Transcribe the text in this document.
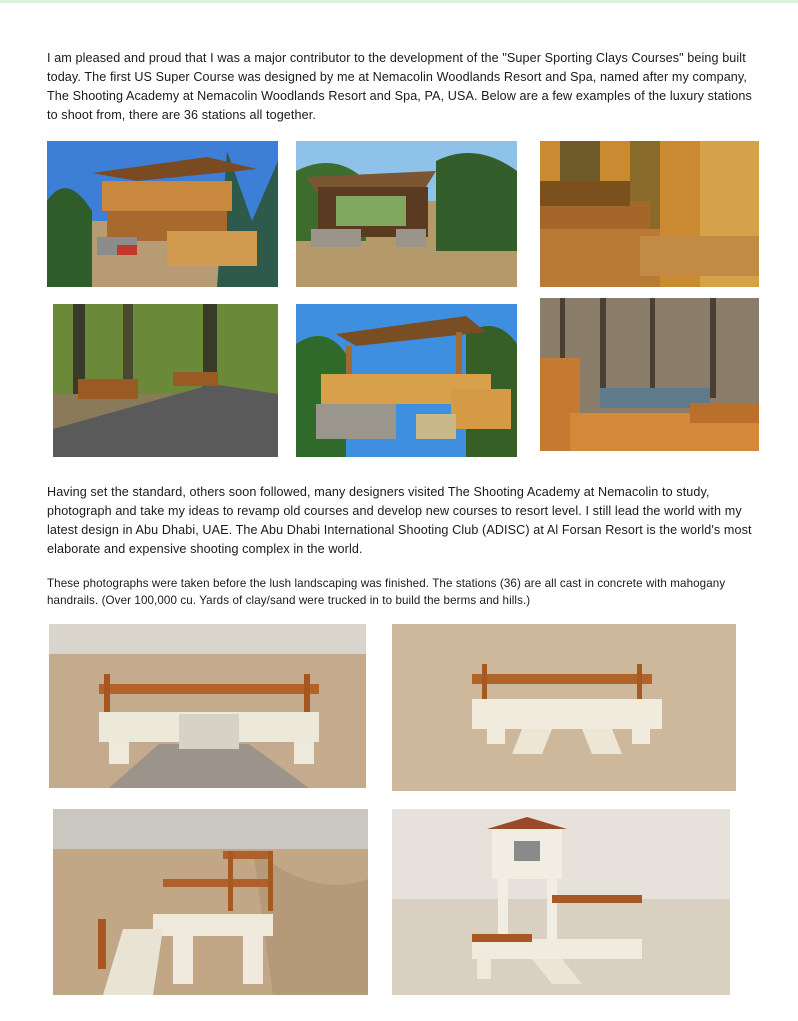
I am pleased and proud that I was a major contributor to the development of the "Super Sporting Clays Courses" being built today. The first US Super Course was designed by me at Nemacolin Woodlands Resort and Spa, named after my company, The Shooting Academy at Nemacolin Woodlands Resort and Spa, PA, USA. Below are a few examples of the luxury stations to shoot from, there are 36 stations all together.

Having set the standard, others soon followed, many designers visited The Shooting Academy at Nemacolin to study, photograph and take my ideas to revamp old courses and develop new courses to resort level. I still lead the world with my latest design in Abu Dhabi, UAE. The Abu Dhabi International Shooting Club (ADISC) at Al Forsan Resort is the world's most elaborate and expensive shooting complex in the world.

These photographs were taken before the lush landscaping was finished. The stations (36) are all cast in concrete with mahogany handrails. (Over 100,000 cu. Yards of clay/sand were trucked in to build the berms and hills.)
